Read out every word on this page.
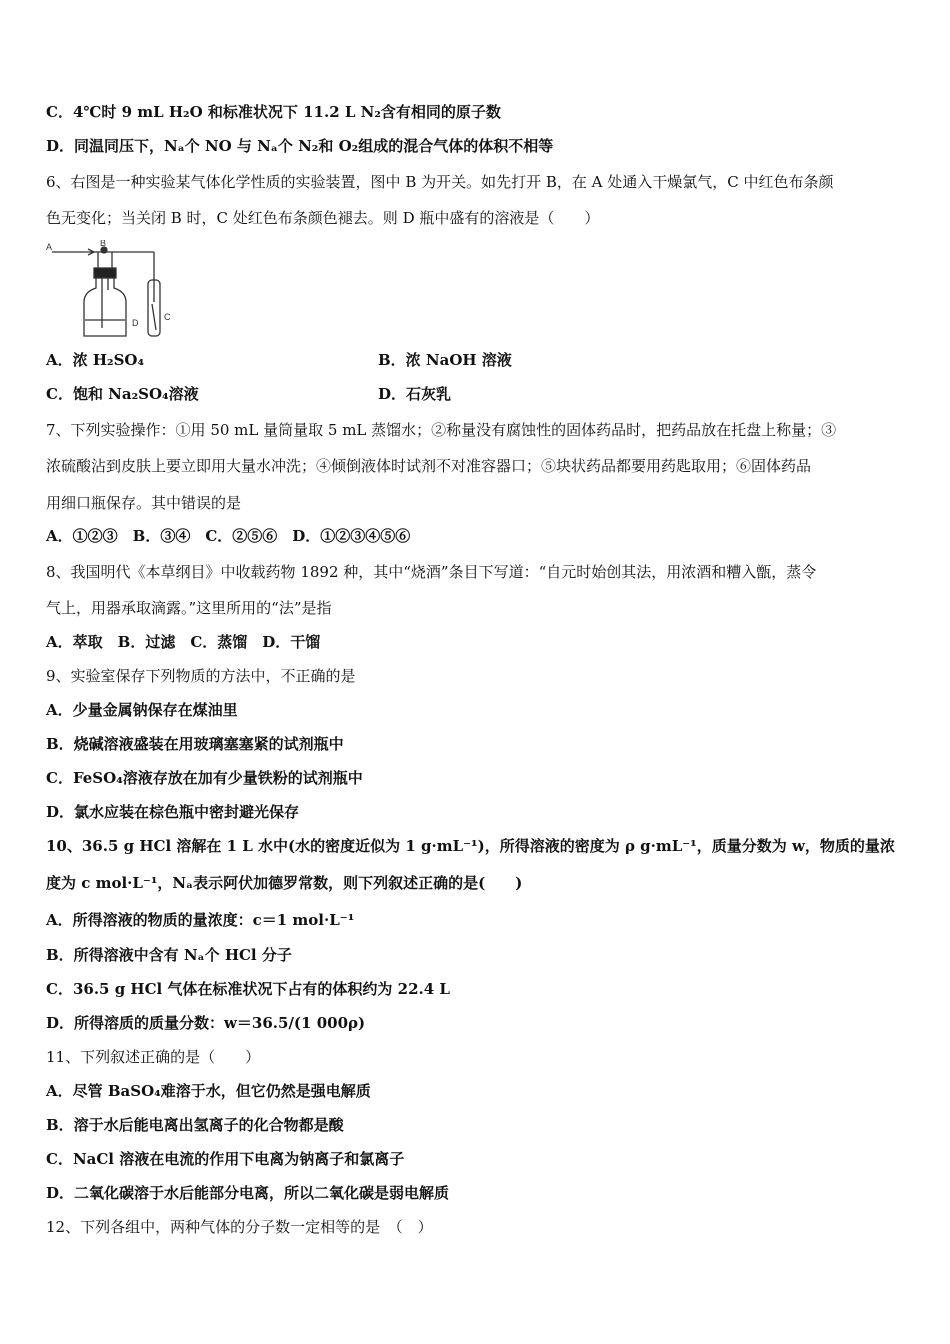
C．4℃时 9 mL H₂O 和标准状况下 11.2 L N₂含有相同的原子数
D．同温同压下，Nₐ个 NO 与 Nₐ个 N₂和 O₂组成的混合气体的体积不相等
6、右图是一种实验某气体化学性质的实验装置，图中 B 为开关。如先打开 B，在 A 处通入干燥氯气，C 中红色布条颜
色无变化；当关闭 B 时，C 处红色布条颜色褪去。则 D 瓶中盛有的溶液是（　　）
A	B
C
D
A．浓 H₂SO₄	B．浓 NaOH 溶液
C．饱和 Na₂SO₄溶液	D．石灰乳
7、下列实验操作：①用 50 mL 量筒量取 5 mL 蒸馏水；②称量没有腐蚀性的固体药品时，把药品放在托盘上称量；③
浓硫酸沾到皮肤上要立即用大量水冲洗；④倾倒液体时试剂不对准容器口；⑤块状药品都要用药匙取用；⑥固体药品
用细口瓶保存。其中错误的是
A．①②③　B．③④　C．②⑤⑥　D．①②③④⑤⑥
8、我国明代《本草纲目》中收载药物 1892 种，其中“烧酒”条目下写道：“自元时始创其法，用浓酒和糟入甑，蒸令
气上，用器承取滴露。”这里所用的“法”是指
A．萃取　B．过滤　C．蒸馏　D．干馏
9、实验室保存下列物质的方法中，不正确的是
A．少量金属钠保存在煤油里
B．烧碱溶液盛装在用玻璃塞塞紧的试剂瓶中
C．FeSO₄溶液存放在加有少量铁粉的试剂瓶中
D．氯水应装在棕色瓶中密封避光保存
10、36.5 g HCl 溶解在 1 L 水中(水的密度近似为 1 g·mL⁻¹)，所得溶液的密度为 ρ g·mL⁻¹，质量分数为 w，物质的量浓
度为 c mol·L⁻¹，Nₐ表示阿伏加德罗常数，则下列叙述正确的是(　　)
A．所得溶液的物质的量浓度：c＝1 mol·L⁻¹
B．所得溶液中含有 Nₐ个 HCl 分子
C．36.5 g HCl 气体在标准状况下占有的体积约为 22.4 L
D．所得溶质的质量分数：w＝36.5/(1 000ρ)
11、下列叙述正确的是（　　）
A．尽管 BaSO₄难溶于水，但它仍然是强电解质
B．溶于水后能电离出氢离子的化合物都是酸
C．NaCl 溶液在电流的作用下电离为钠离子和氯离子
D．二氧化碳溶于水后能部分电离，所以二氧化碳是弱电解质
12、下列各组中，两种气体的分子数一定相等的是　（　）
